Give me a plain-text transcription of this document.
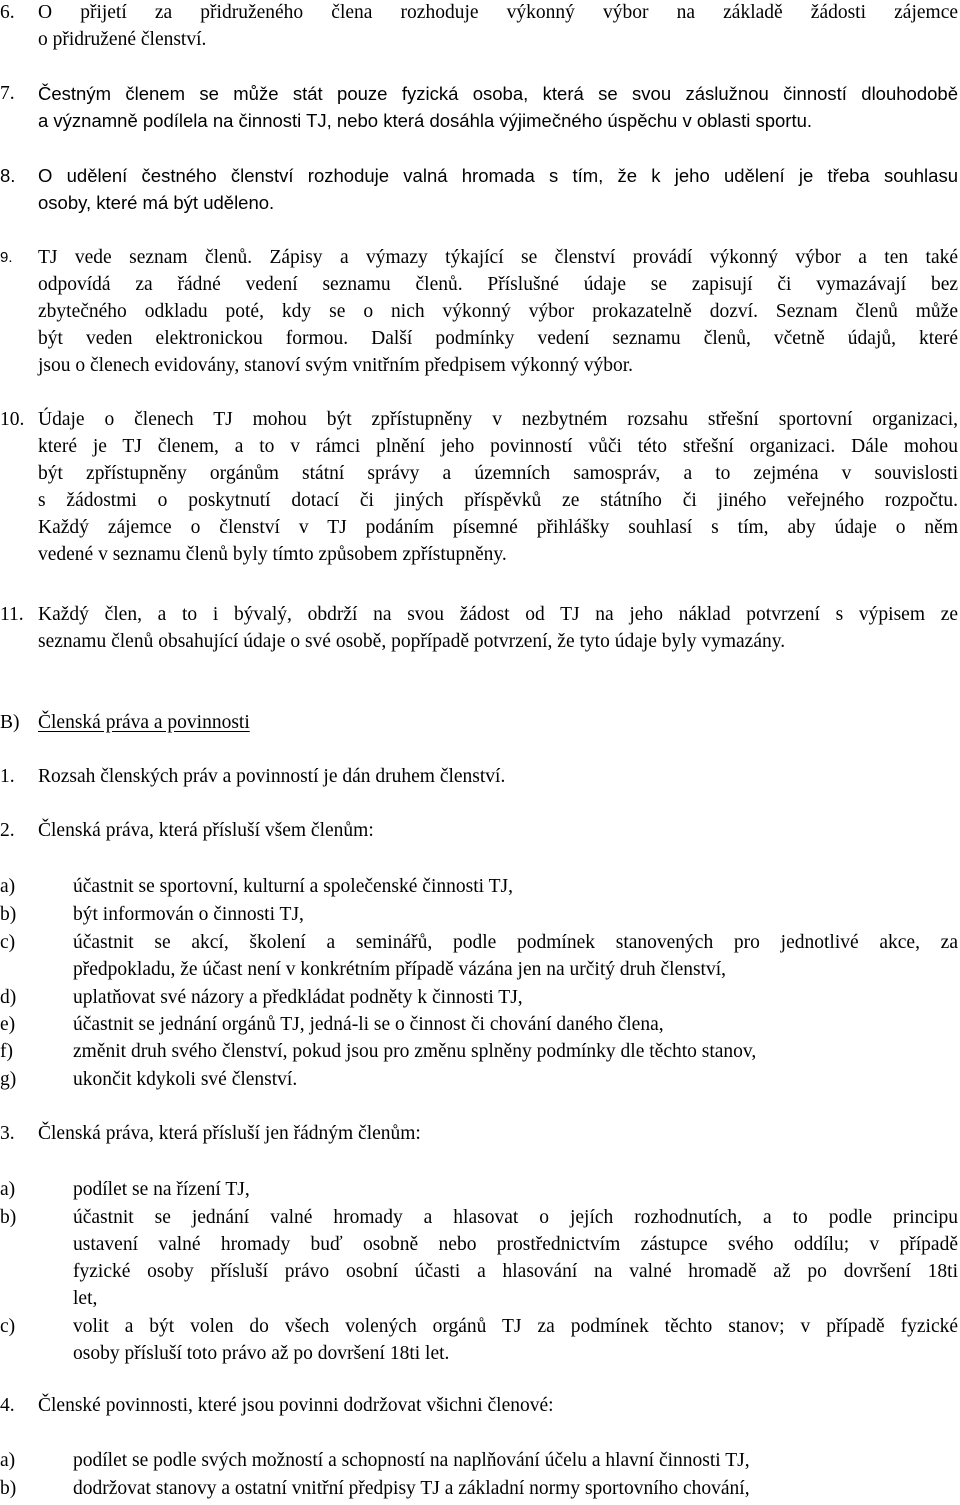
6. O přijetí za přidruženého člena rozhoduje výkonný výbor na základě žádosti zájemce
o přidružené členství.
7. Čestným členem se může stát pouze fyzická osoba, která se svou záslužnou činností dlouhodobě
a významně podílela na činnosti TJ, nebo která dosáhla výjimečného úspěchu v oblasti sportu.
8. O udělení čestného členství rozhoduje valná hromada s tím, že k jeho udělení je třeba souhlasu
osoby, které má být uděleno.
9. TJ vede seznam členů. Zápisy a výmazy týkající se členství provádí výkonný výbor a ten také
odpovídá za řádné vedení seznamu členů. Příslušné údaje se zapisují či vymazávají bez
zbytečného odkladu poté, kdy se o nich výkonný výbor prokazatelně dozví. Seznam členů může
být veden elektronickou formou. Další podmínky vedení seznamu členů, včetně údajů, které
jsou o členech evidovány, stanoví svým vnitřním předpisem výkonný výbor.
10. Údaje o členech TJ mohou být zpřístupněny v nezbytném rozsahu střešní sportovní organizaci,
které je TJ členem, a to v rámci plnění jeho povinností vůči této střešní organizaci. Dále mohou
být zpřístupněny orgánům státní správy a územních samospráv, a to zejména v souvislosti
s žádostmi o poskytnutí dotací či jiných příspěvků ze státního či jiného veřejného rozpočtu.
Každý zájemce o členství v TJ podáním písemné přihlášky souhlasí s tím, aby údaje o něm
vedené v seznamu členů byly tímto způsobem zpřístupněny.
11. Každý člen, a to i bývalý, obdrží na svou žádost od TJ na jeho náklad potvrzení s výpisem ze
seznamu členů obsahující údaje o své osobě, popřípadě potvrzení, že tyto údaje byly vymazány.
B) Členská práva a povinnosti
1. Rozsah členských práv a povinností je dán druhem členství.
2. Členská práva, která přísluší všem členům:
a)	účastnit se sportovní, kulturní a společenské činnosti TJ,
b)	být informován o činnosti TJ,
c)	účastnit se akcí, školení a seminářů, podle podmínek stanovených pro jednotlivé akce, za
předpokladu, že účast není v konkrétním případě vázána jen na určitý druh členství,
d)	uplatňovat své názory a předkládat podněty k činnosti TJ,
e)	účastnit se jednání orgánů TJ, jedná-li se o činnost či chování daného člena,
f)	změnit druh svého členství, pokud jsou pro změnu splněny podmínky dle těchto stanov,
g)	ukončit kdykoli své členství.
3. Členská práva, která přísluší jen řádným členům:
a)	podílet se na řízení TJ,
b)	účastnit se jednání valné hromady a hlasovat o jejích rozhodnutích, a to podle principu
ustavení valné hromady buď osobně nebo prostřednictvím zástupce svého oddílu; v případě
fyzické osoby přísluší právo osobní účasti a hlasování na valné hromadě až po dovršení 18ti
let,
c)	volit a být volen do všech volených orgánů TJ za podmínek těchto stanov; v případě fyzické
osoby přísluší toto právo až po dovršení 18ti let.
4. Členské povinnosti, které jsou povinni dodržovat všichni členové:
a)	podílet se podle svých možností a schopností na naplňování účelu a hlavní činnosti TJ,
b)	dodržovat stanovy a ostatní vnitřní předpisy TJ a základní normy sportovního chování,
